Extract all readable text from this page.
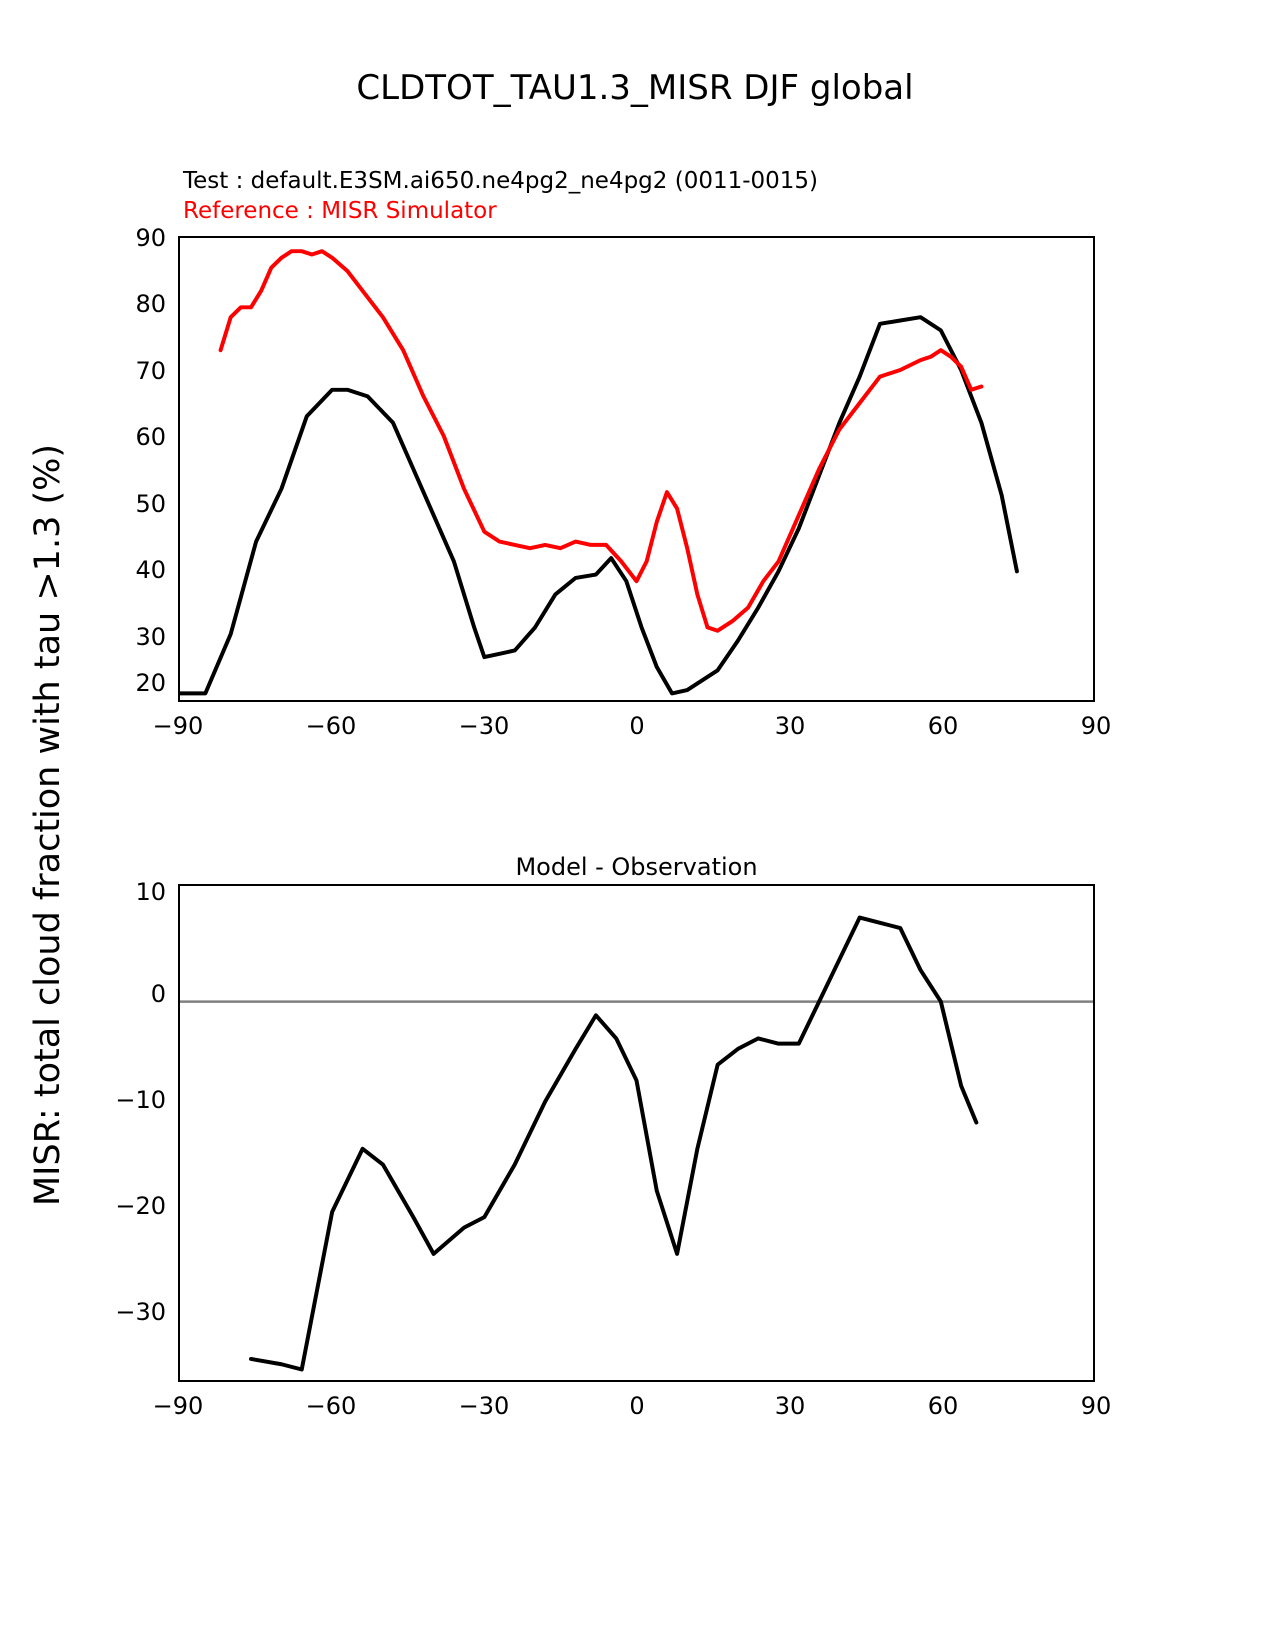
MISR: total cloud fraction with tau >1.3 (%)
CLDTOT_TAU1.3_MISR DJF global
Test : default.E3SM.ai650.ne4pg2_ne4pg2 (0011-0015)
Reference : MISR Simulator
90
80
70
60
50
40
30
20
−90	−60	−30	0	30	60	90
Model - Observation
10
0
−10
−20
−30
−90	−60	−30	0	30	60	90
